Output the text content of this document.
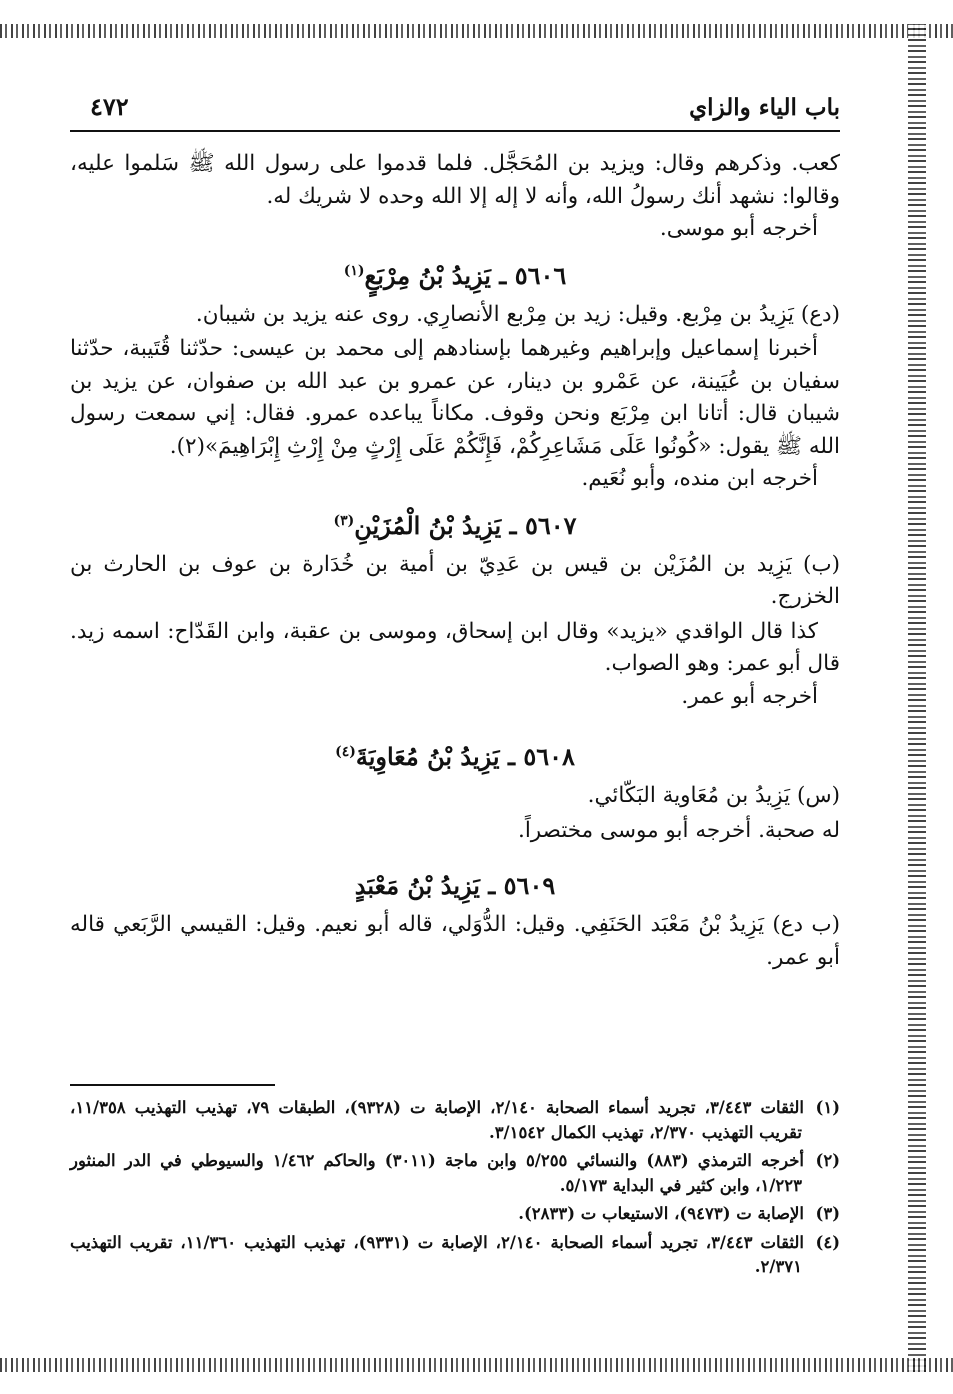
باب الياء والزاي
٤٧٢

كعب. وذكرهم وقال: ويزيد بن المُحَجَّل. فلما قدموا على رسول الله ﷺ سَلموا عليه، وقالوا: نشهد أنك رسولُ الله، وأنه لا إله إلا الله وحده لا شريك له.

أخرجه أبو موسى.

٥٦٠٦ ـ يَزِيدُ بْنُ مِرْبَعٍ$^{(١)}$

(دع) يَزِيدُ بن مِرْبع. وقيل: زيد بن مِرْبع الأنصارِي. روى عنه يزيد بن شيبان.

أخبرنا إسماعيل وإبراهيم وغيرهما بإسنادهم إلى محمد بن عيسى: حدّثنا قُتَيبة، حدّثنا سفيان بن عُيَينة، عن عَمْرو بن دينار، عن عمرو بن عبد الله بن صفوان، عن يزيد بن شيبان قال: أتانا ابن مِرْبَع ونحن وقوف. مكاناً يباعده عمرو. فقال: إني سمعت رسول الله ﷺ يقول: «كُونُوا عَلَى مَشَاعِرِكُمْ، فَإِنَّكُمْ عَلَى إِرْثٍ مِنْ إِرْثِ إِبْرَاهِيمَ»(٢).

أخرجه ابن منده، وأبو نُعَيم.

٥٦٠٧ ـ يَزِيدُ بْنُ الْمُزَيْنِ$^{(٣)}$

(ب) يَزِيد بن المُزَيْن بن قيس بن عَدِيّ بن أمية بن خُدَارة بن عوف بن الحارث بن الخزرج.

كذا قال الواقدي «يزيد» وقال ابن إسحاق، وموسى بن عقبة، وابن القَدّاح: اسمه زيد. قال أبو عمر: وهو الصواب.

أخرجه أبو عمر.

٥٦٠٨ ـ يَزِيدُ بْنُ مُعَاوِيَةَ$^{(٤)}$

(س) يَزِيدُ بن مُعَاوية البَكّائي.

له صحبة. أخرجه أبو موسى مختصراً.

٥٦٠٩ ـ يَزِيدُ بْنُ مَعْبَدٍ

(ب دع) يَزِيدُ بْنُ مَعْبَد الحَنَفِي. وقيل: الدُّوَلي، قاله أبو نعيم. وقيل: القيسي الرَّبَعي قاله أبو عمر.

(١)الثقات ٣/٤٤٣، تجريد أسماء الصحابة ٢/١٤٠، الإصابة ت (٩٣٢٨)، الطبقات ٧٩، تهذيب التهذيب ١١/٣٥٨، تقريب التهذيب ٢/٣٧٠، تهذيب الكمال ٣/١٥٤٢.

(٢)أخرجه الترمذي (٨٨٣) والنسائي ٥/٢٥٥ وابن ماجة (٣٠١١) والحاكم ١/٤٦٢ والسيوطي في الدر المنثور ١/٢٢٣، وابن كثير في البداية ٥/١٧٣.

(٣)الإصابة ت (٩٤٧٣)، الاستيعاب ت (٢٨٣٣).

(٤)الثقات ٣/٤٤٣، تجريد أسماء الصحابة ٢/١٤٠، الإصابة ت (٩٣٣١)، تهذيب التهذيب ١١/٣٦٠، تقريب التهذيب ٢/٣٧١.
